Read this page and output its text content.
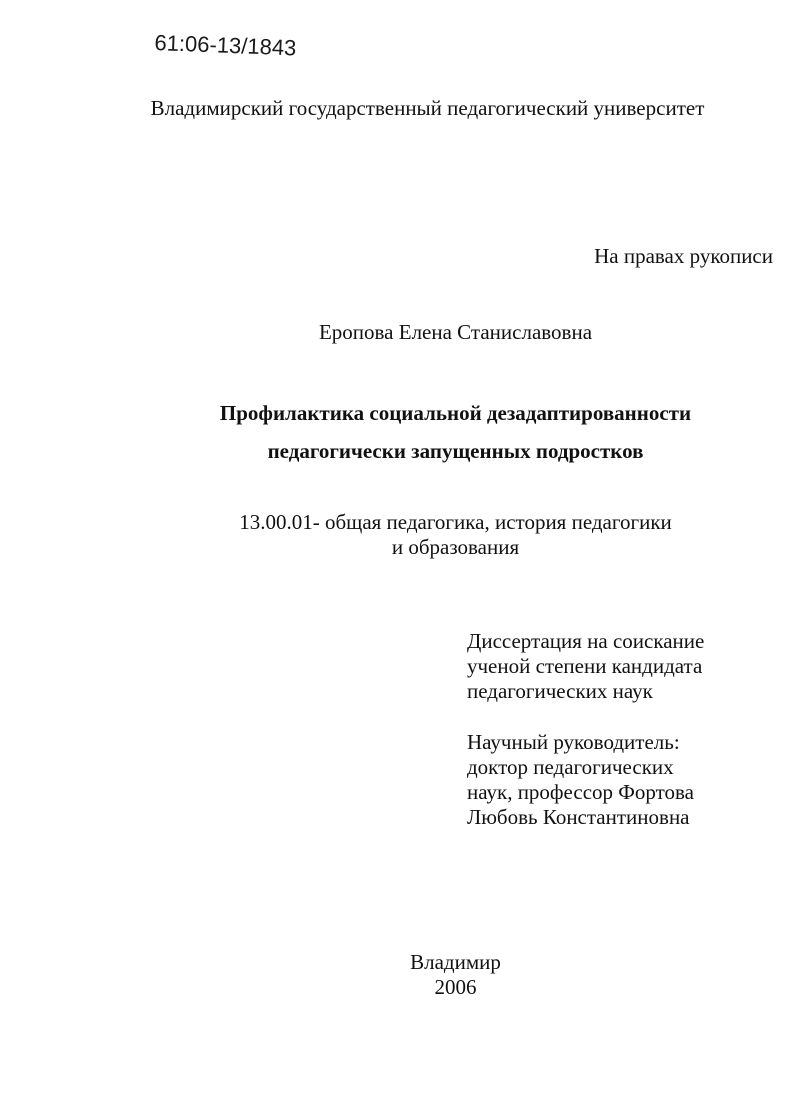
61:06-13/1843
Владимирский государственный педагогический университет
На правах рукописи
Еропова Елена Станиславовна
Профилактика социальной дезадаптированности
педагогически запущенных подростков
13.00.01- общая педагогика, история педагогики
и образования
Диссертация на соискание
ученой степени кандидата
педагогических наук
Научный руководитель:
доктор педагогических
наук, профессор Фортова
Любовь Константиновна
Владимир
2006
